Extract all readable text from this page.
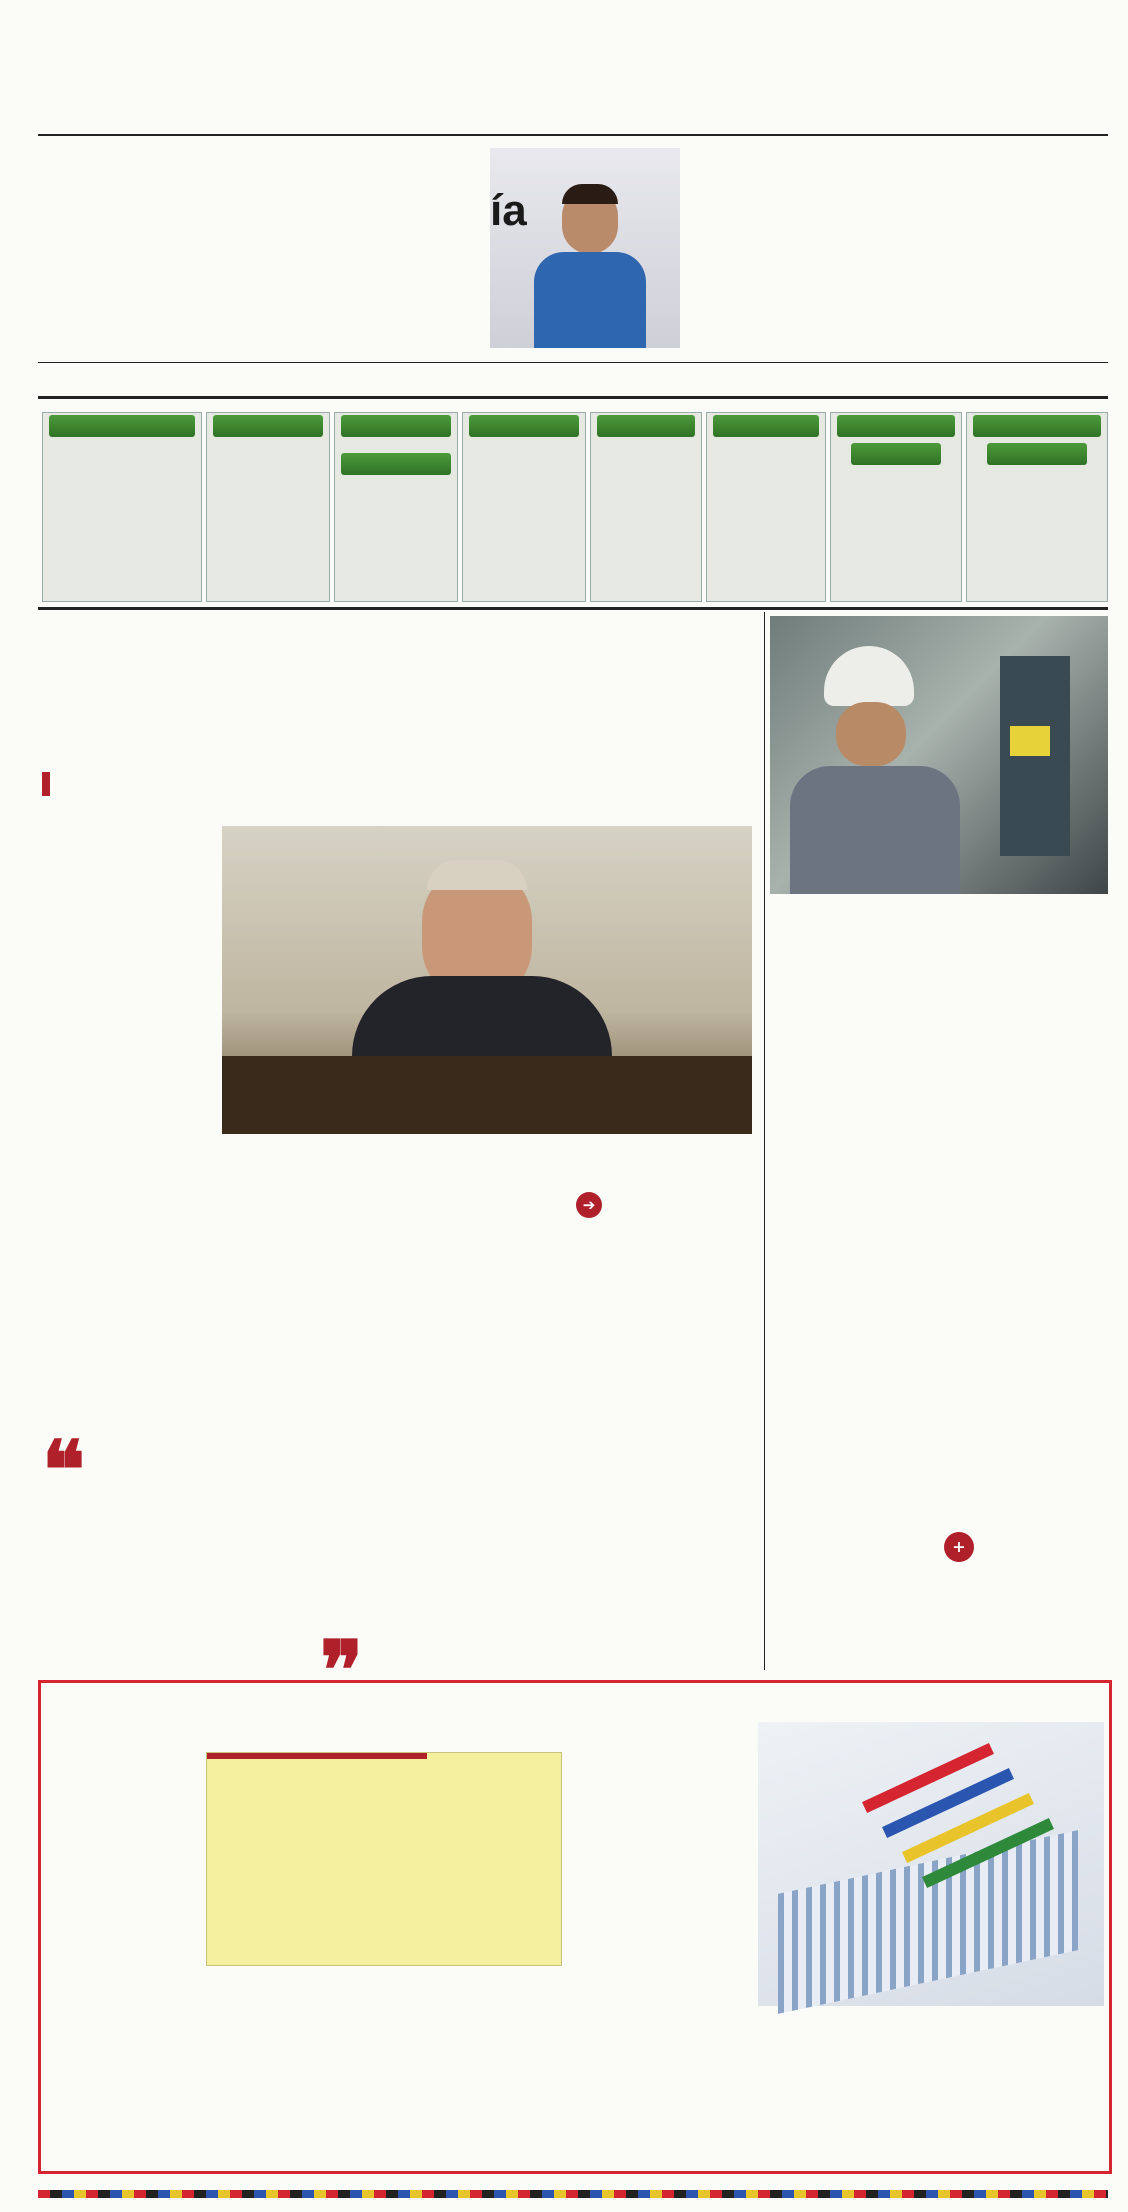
ía

➔

❝
❞

+
